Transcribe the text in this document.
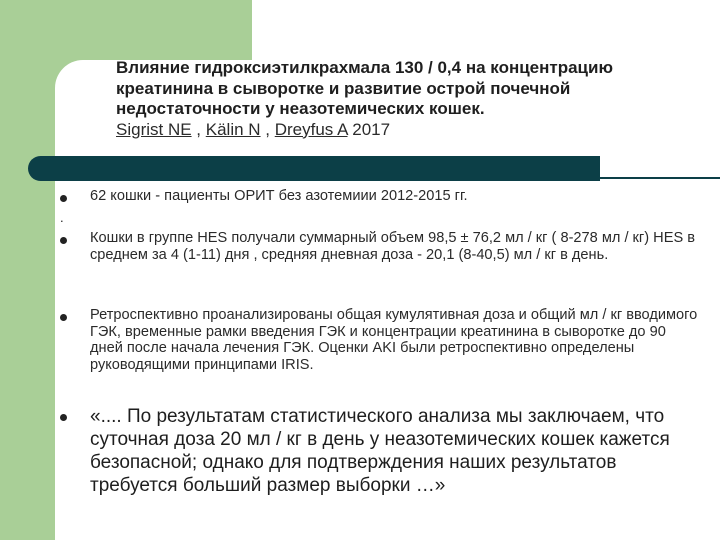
Влияние гидроксиэтилкрахмала 130 / 0,4 на концентрацию креатинина в сыворотке и развитие острой почечной недостаточности у неазотемических кошек.
Sigrist NE , Kälin N , Dreyfus A 2017
.
62 кошки - пациенты ОРИТ без азотемиии 2012-2015 гг.
Кошки в группе HES получали суммарный объем 98,5 ± 76,2 мл / кг ( 8-278 мл / кг) HES в среднем за 4 (1-11) дня , средняя дневная доза - 20,1 (8-40,5) мл / кг в день.
Ретроспективно проанализированы общая кумулятивная доза и общий мл / кг вводимого ГЭК, временные рамки введения ГЭК и концентрации креатинина в сыворотке до 90 дней после начала лечения ГЭК. Оценки AKI были ретроспективно определены руководящими принципами IRIS.
«.... По результатам статистического анализа мы заключаем, что суточная доза 20 мл / кг в день у неазотемических кошек кажется безопасной; однако для подтверждения наших результатов требуется больший размер выборки …»
